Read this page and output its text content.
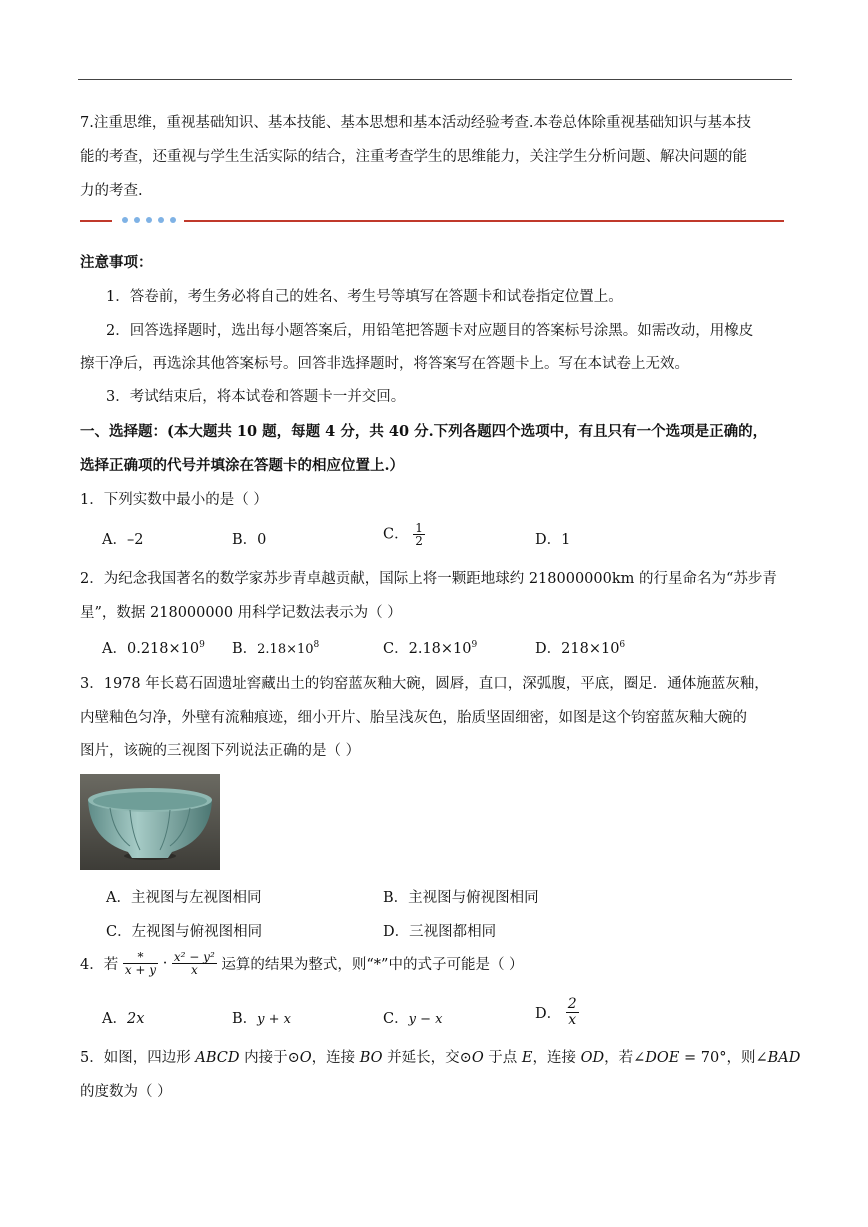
7.注重思维，重视基础知识、基本技能、基本思想和基本活动经验考查.本卷总体除重视基础知识与基本技
能的考查，还重视与学生生活实际的结合，注重考查学生的思维能力，关注学生分析问题、解决问题的能
力的考查.
注意事项：
1．答卷前，考生务必将自己的姓名、考生号等填写在答题卡和试卷指定位置上。
2．回答选择题时，选出每小题答案后，用铅笔把答题卡对应题目的答案标号涂黑。如需改动，用橡皮
擦干净后，再选涂其他答案标号。回答非选择题时，将答案写在答题卡上。写在本试卷上无效。
3．考试结束后，将本试卷和答题卡一并交回。
一、选择题：(本大题共 10 题，每题 4 分，共 40 分.下列各题四个选项中，有且只有一个选项是正确的，
选择正确项的代号并填涂在答题卡的相应位置上.）
1．下列实数中最小的是（ ）
A．–2	B．0	C． $\frac{1}{2}$	D．1
2．为纪念我国著名的数学家苏步青卓越贡献，国际上将一颗距地球约 218000000km 的行星命名为“苏步青
星”，数据 218000000 用科学记数法表示为（ ）
A．$0.218\times 10^9$ B．$2.18\times 10^8$	C．$2.18\times 10^9$	D．$218\times 10^6$
3．1978 年长葛石固遗址窖藏出土的钧窑蓝灰釉大碗，圆唇，直口，深弧腹，平底，圈足．通体施蓝灰釉，
内壁釉色匀净，外壁有流釉痕迹，细小开片、胎呈浅灰色，胎质坚固细密，如图是这个钧窑蓝灰釉大碗的
图片，该碗的三视图下列说法正确的是（ ）
A．主视图与左视图相同	B．主视图与俯视图相同
C．左视图与俯视图相同	D．三视图都相同
4．若 $\frac{*}{x + y} \cdot \frac{\text{x² − y²}}{x}$ 运算的结果为整式，则“*”中的式子可能是（ ）
A．2x	B．y + x	C．y − x	D． $\frac{2}{x}$
5．如图，四边形 ABCD 内接于⊙O，连接 BO 并延长，交⊙O 于点 E，连接 OD，若∠DOE = 70°，则∠BAD
的度数为（ ）
